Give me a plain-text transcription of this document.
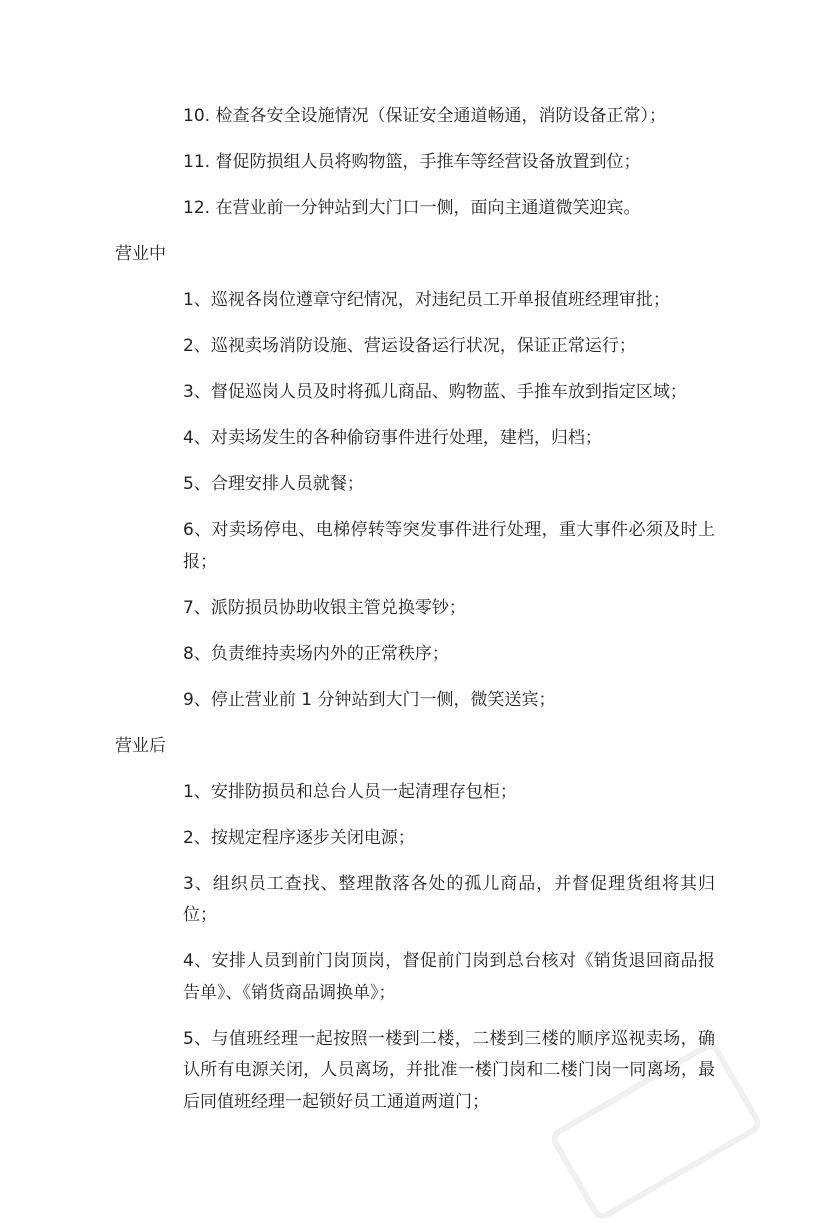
10. 检查各安全设施情况（保证安全通道畅通，消防设备正常）；

11. 督促防损组人员将购物篮，手推车等经营设备放置到位；

12. 在营业前一分钟站到大门口一侧，面向主通道微笑迎宾。

营业中

1、巡视各岗位遵章守纪情况，对违纪员工开单报值班经理审批；

2、巡视卖场消防设施、营运设备运行状况，保证正常运行；

3、督促巡岗人员及时将孤儿商品、购物蓝、手推车放到指定区域；

4、对卖场发生的各种偷窃事件进行处理，建档，归档；

5、合理安排人员就餐；

6、对卖场停电、电梯停转等突发事件进行处理，重大事件必须及时上报；

7、派防损员协助收银主管兑换零钞；

8、负责维持卖场内外的正常秩序；

9、停止营业前 1 分钟站到大门一侧，微笑送宾；

营业后

1、安排防损员和总台人员一起清理存包柜；

2、按规定程序逐步关闭电源；

3、组织员工查找、整理散落各处的孤儿商品，并督促理货组将其归位；

4、安排人员到前门岗顶岗，督促前门岗到总台核对《销货退回商品报告单》、《销货商品调换单》；

5、与值班经理一起按照一楼到二楼，二楼到三楼的顺序巡视卖场，确认所有电源关闭，人员离场，并批准一楼门岗和二楼门岗一同离场，最后同值班经理一起锁好员工通道两道门；
